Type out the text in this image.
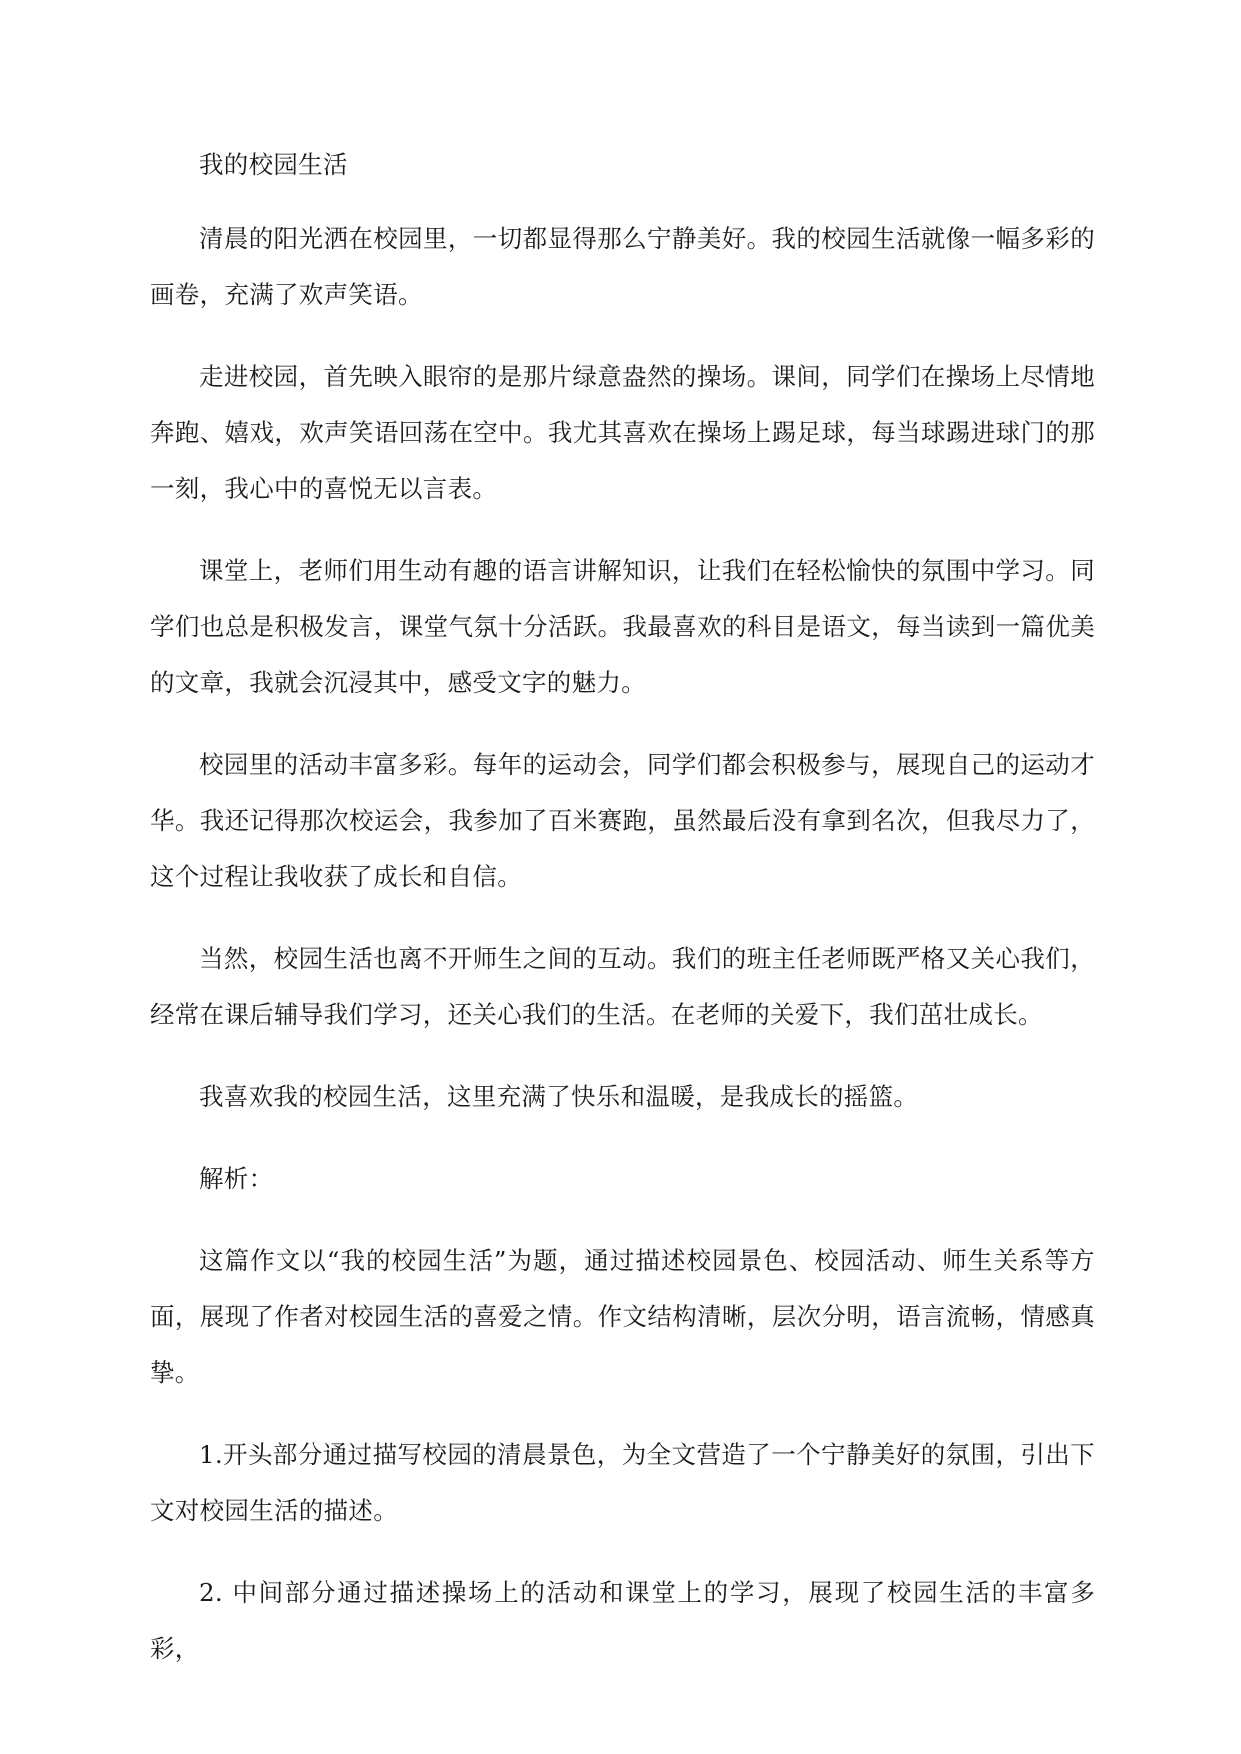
我的校园生活

清晨的阳光洒在校园里，一切都显得那么宁静美好。我的校园生活就像一幅多彩的画卷，充满了欢声笑语。

走进校园，首先映入眼帘的是那片绿意盎然的操场。课间，同学们在操场上尽情地奔跑、嬉戏，欢声笑语回荡在空中。我尤其喜欢在操场上踢足球，每当球踢进球门的那一刻，我心中的喜悦无以言表。

课堂上，老师们用生动有趣的语言讲解知识，让我们在轻松愉快的氛围中学习。同学们也总是积极发言，课堂气氛十分活跃。我最喜欢的科目是语文，每当读到一篇优美的文章，我就会沉浸其中，感受文字的魅力。

校园里的活动丰富多彩。每年的运动会，同学们都会积极参与，展现自己的运动才华。我还记得那次校运会，我参加了百米赛跑，虽然最后没有拿到名次，但我尽力了，这个过程让我收获了成长和自信。

当然，校园生活也离不开师生之间的互动。我们的班主任老师既严格又关心我们，经常在课后辅导我们学习，还关心我们的生活。在老师的关爱下，我们茁壮成长。

我喜欢我的校园生活，这里充满了快乐和温暖，是我成长的摇篮。

解析：

这篇作文以“我的校园生活”为题，通过描述校园景色、校园活动、师生关系等方面，展现了作者对校园生活的喜爱之情。作文结构清晰，层次分明，语言流畅，情感真挚。

1.开头部分通过描写校园的清晨景色，为全文营造了一个宁静美好的氛围，引出下文对校园生活的描述。

2. 中间部分通过描述操场上的活动和课堂上的学习，展现了校园生活的丰富多彩，
